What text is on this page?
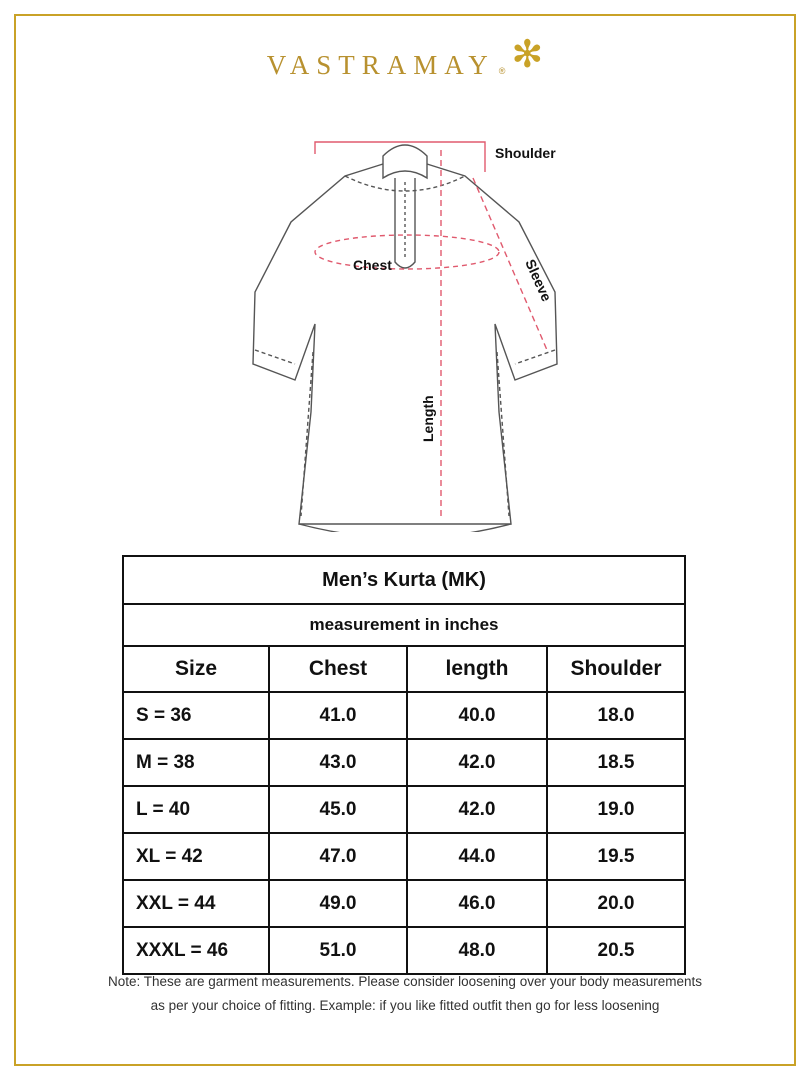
VASTRAMAY ® ✻
Shoulder
Chest	Sleeve
Length
Men’s Kurta (MK)			
measurement in inches			
Size	Chest	length	Shoulder
S = 36	41.0	40.0	18.0
M = 38	43.0	42.0	18.5
L = 40	45.0	42.0	19.0
XL = 42	47.0	44.0	19.5
XXL = 44	49.0	46.0	20.0
XXXL = 46	51.0	48.0	20.5
Note: These are garment measurements. Please consider loosening over your body measurements
as per your choice of fitting. Example: if you like fitted outfit then go for less loosening
